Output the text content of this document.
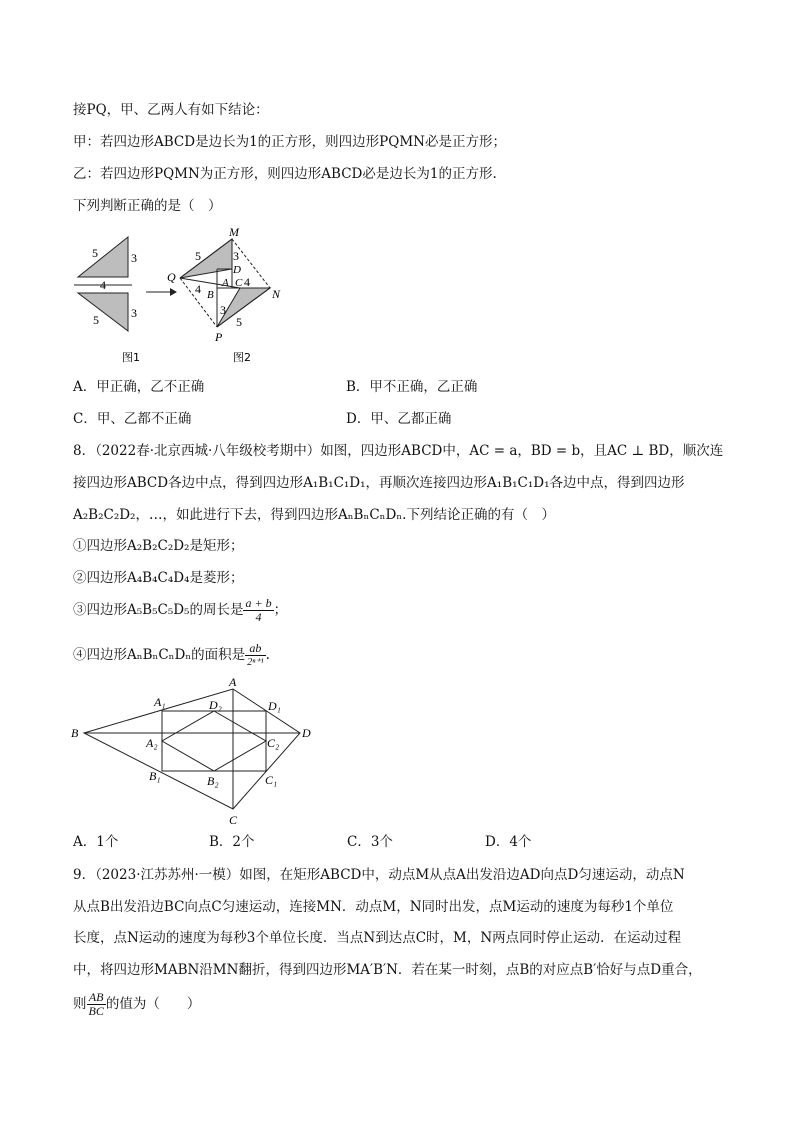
接PQ，甲、乙两人有如下结论：
甲：若四边形ABCD是边长为1的正方形，则四边形PQMN必是正方形；
乙：若四边形PQMN为正方形，则四边形ABCD必是边长为1的正方形.
下列判断正确的是（　）
5	3
4
5	3
M
Q
N
P
5	3
D
A C 4
4 B
3
5
图1	图2
A．甲正确，乙不正确	B．甲不正确，乙正确
C．甲、乙都不正确	D．甲、乙都正确
8．（2022春·北京西城·八年级校考期中）如图，四边形ABCD中，AC = a，BD = b，且AC ⊥ BD，顺次连
接四边形ABCD各边中点，得到四边形A₁B₁C₁D₁，再顺次连接四边形A₁B₁C₁D₁各边中点，得到四边形
A₂B₂C₂D₂，…，如此进行下去，得到四边形AₙBₙCₙDₙ.下列结论正确的有（　）
①四边形A₂B₂C₂D₂是矩形；
②四边形A₄B₄C₄D₄是菱形；
③四边形A₅B₅C₅D₅的周长是 $\frac{a + b}{4}$ ；
④四边形AₙBₙCₙDₙ的面积是 $\frac{ab}{\text{2ⁿ⁺¹}}$ .
A
B
C
D
A₁	D₁
B₁	C₁
D₂
A₂	C₂
B₂
A．1个	B．2个	C．3个	D．4个
9．（2023·江苏苏州·一模）如图，在矩形ABCD中，动点M从点A出发沿边AD向点D匀速运动，动点N
从点B出发沿边BC向点C匀速运动，连接MN．动点M，N同时出发，点M运动的速度为每秒1个单位
长度，点N运动的速度为每秒3个单位长度．当点N到达点C时，M，N两点同时停止运动．在运动过程
中，将四边形MABN沿MN翻折，得到四边形MA′B′N．若在某一时刻，点B的对应点B′恰好与点D重合，
则 $\frac{AB}{BC}$ 的值为（　　）
